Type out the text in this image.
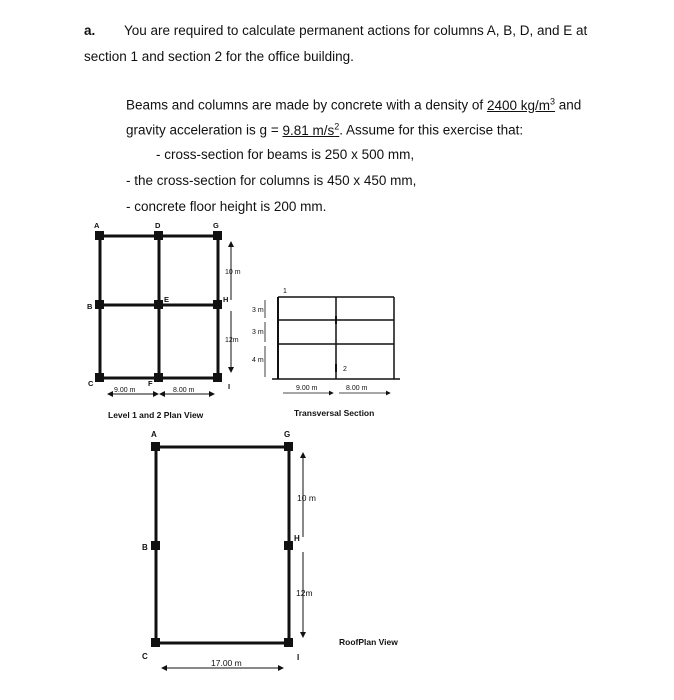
a. You are required to calculate permanent actions for columns A, B, D, and E at
section 1 and section 2 for the office building.
Beams and columns are made by concrete with a density of 2400 $kg/m^3$ and
gravity acceleration is g = 9.81 $m/s^2$. Assume for this exercise that:
- cross-section for beams is 250 x 500 mm,
- the cross-section for columns is 450 x 450 mm,
- concrete floor height is 200 mm.
A	D	G
B
E	H
C	F	I
10 m
12m
9.00 m	8.00 m
Level 1 and 2 Plan View
1
2
3 m
3 m
4 m
9.00 m	8.00 m
Transversal Section
A	G
B
H
C	I
10 m
12m
17.00 m
RoofPlan View
